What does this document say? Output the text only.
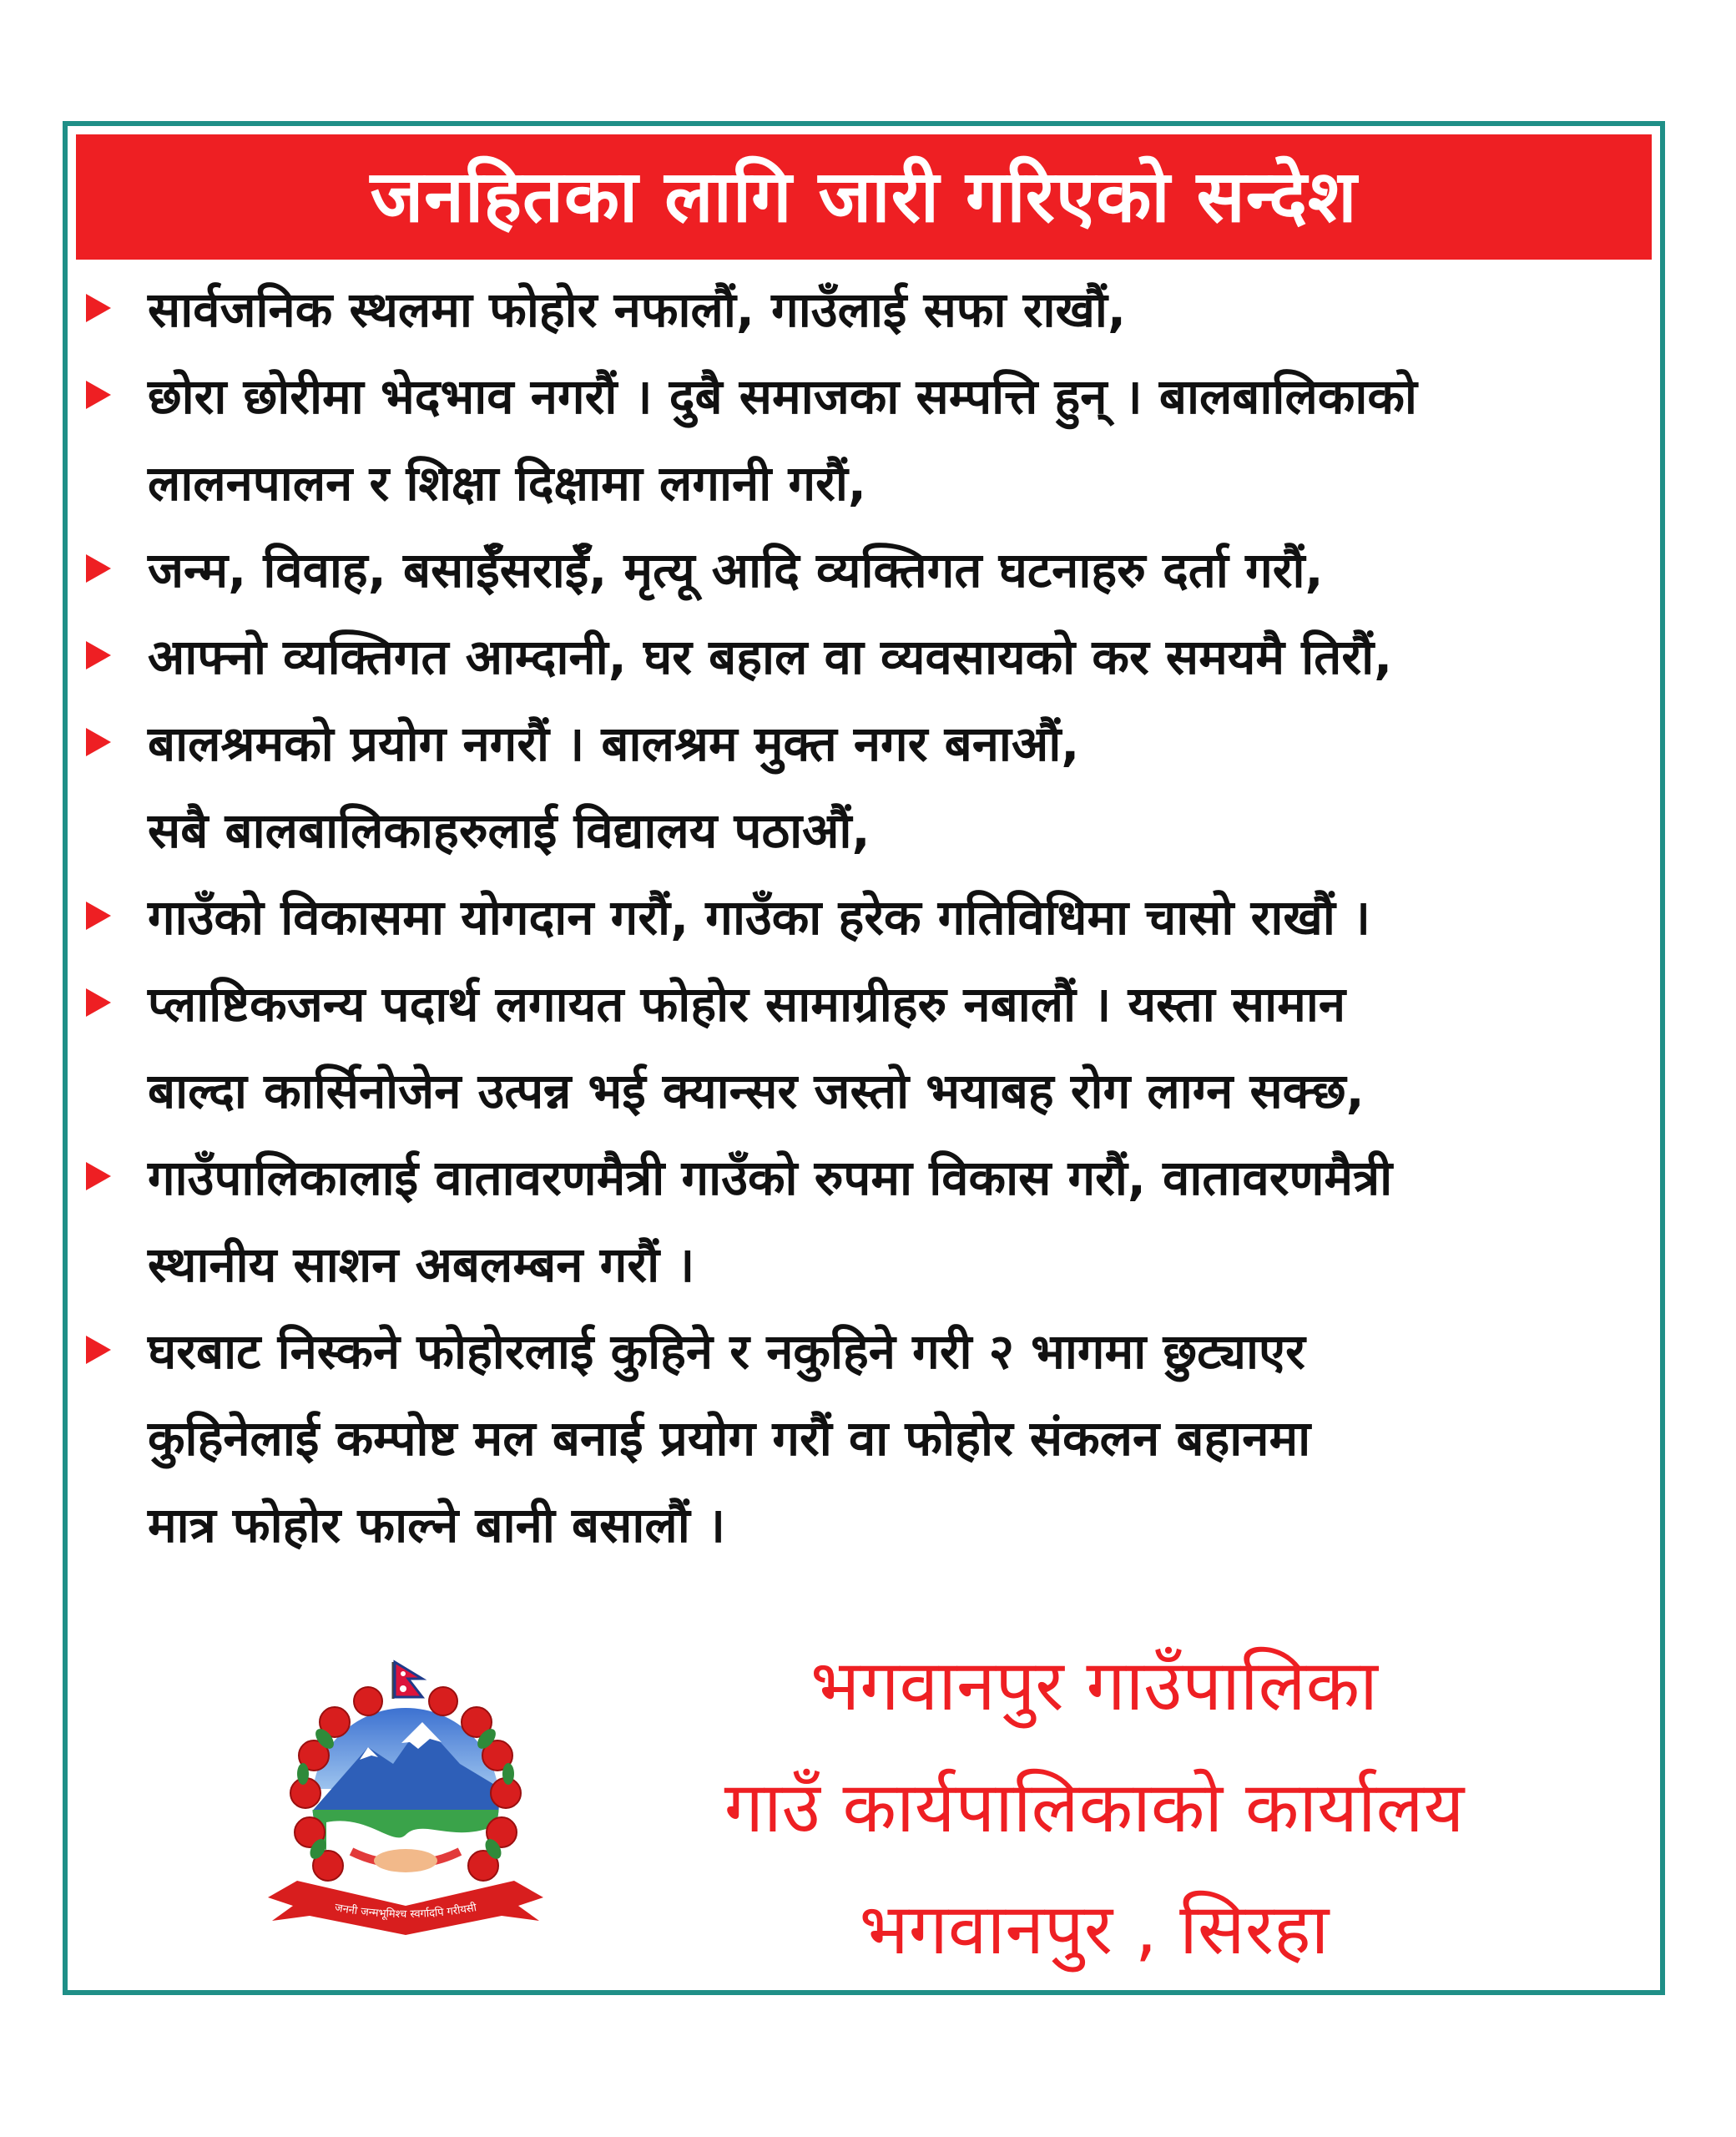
जनहितका लागि जारी गरिएको सन्देश
सार्वजनिक स्थलमा फोहोर नफालौं, गाउँलाई सफा राखौं,
छोरा छोरीमा भेदभाव नगरौं । दुबै समाजका सम्पत्ति हुन् । बालबालिकाको
लालनपालन र शिक्षा दिक्षामा लगानी गरौं,
जन्म, विवाह, बसाईँसराईँ, मृत्यू आदि व्यक्तिगत घटनाहरु दर्ता गरौं,
आफ्नो व्यक्तिगत आम्दानी, घर बहाल वा व्यवसायको कर समयमै तिरौं,
बालश्रमको प्रयोग नगरौं । बालश्रम मुक्त नगर बनाऔं,
सबै बालबालिकाहरुलाई विद्यालय पठाऔं,
गाउँको विकासमा योगदान गरौं, गाउँका हरेक गतिविधिमा चासो राखौं ।
प्लाष्टिकजन्य पदार्थ लगायत फोहोर सामाग्रीहरु नबालौं । यस्ता सामान
बाल्दा कार्सिनोजेन उत्पन्न भई क्यान्सर जस्तो भयाबह रोग लाग्न सक्छ,
गाउँपालिकालाई वातावरणमैत्री गाउँको रुपमा विकास गरौं, वातावरणमैत्री
स्थानीय साशन अबलम्बन गरौं ।
घरबाट निस्कने फोहोरलाई कुहिने र नकुहिने गरी २ भागमा छुट्याएर
कुहिनेलाई कम्पोष्ट मल बनाई प्रयोग गरौं वा फोहोर संकलन बहानमा
मात्र फोहोर फाल्ने बानी बसालौं ।
जननी जन्मभूमिश्च स्वर्गादपि गरीयसी
भगवानपुर गाउँपालिका
गाउँ कार्यपालिकाको कार्यालय
भगवानपुर , सिरहा
